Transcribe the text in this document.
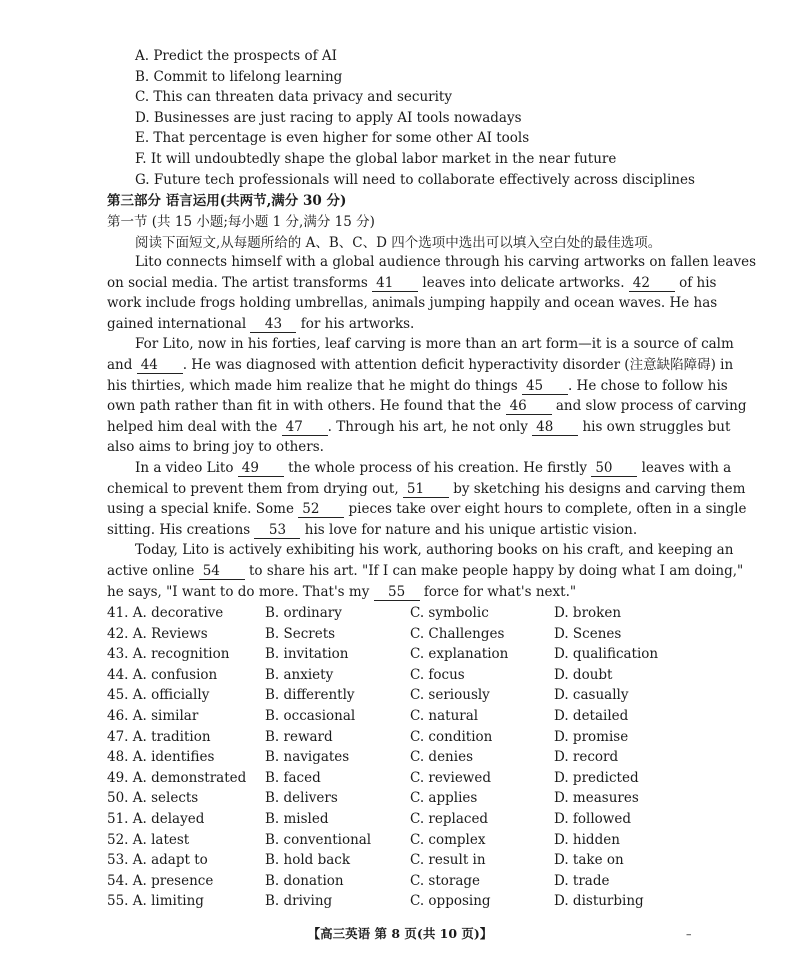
A. Predict the prospects of AI
B. Commit to lifelong learning
C. This can threaten data privacy and security
D. Businesses are just racing to apply AI tools nowadays
E. That percentage is even higher for some other AI tools
F. It will undoubtedly shape the global labor market in the near future
G. Future tech professionals will need to collaborate effectively across disciplines
第三部分 语言运用(共两节,满分 30 分)
第一节 (共 15 小题;每小题 1 分,满分 15 分)
阅读下面短文,从每题所给的 A、B、C、D 四个选项中选出可以填入空白处的最佳选项。
Lito connects himself with a global audience through his carving artworks on fallen leaves
on social media. The artist transforms 41 leaves into delicate artworks. 42 of his
work include frogs holding umbrellas, animals jumping happily and ocean waves. He has
gained international 43 for his artworks.
For Lito, now in his forties, leaf carving is more than an art form—it is a source of calm
and 44 . He was diagnosed with attention deficit hyperactivity disorder (注意缺陷障碍) in
his thirties, which made him realize that he might do things 45 . He chose to follow his
own path rather than fit in with others. He found that the 46 and slow process of carving
helped him deal with the 47 . Through his art, he not only 48 his own struggles but
also aims to bring joy to others.
In a video Lito 49 the whole process of his creation. He firstly 50 leaves with a
chemical to prevent them from drying out, 51 by sketching his designs and carving them
using a special knife. Some 52 pieces take over eight hours to complete, often in a single
sitting. His creations 53 his love for nature and his unique artistic vision.
Today, Lito is actively exhibiting his work, authoring books on his craft, and keeping an
active online 54 to share his art. "If I can make people happy by doing what I am doing,"
he says, "I want to do more. That's my 55 force for what's next."
41. A. decorative	B. ordinary	C. symbolic	D. broken
42. A. Reviews	B. Secrets	C. Challenges	D. Scenes
43. A. recognition	B. invitation	C. explanation	D. qualification
44. A. confusion	B. anxiety	C. focus	D. doubt
45. A. officially	B. differently	C. seriously	D. casually
46. A. similar	B. occasional	C. natural	D. detailed
47. A. tradition	B. reward	C. condition	D. promise
48. A. identifies	B. navigates	C. denies	D. record
49. A. demonstrated B. faced	C. reviewed	D. predicted
50. A. selects	B. delivers	C. applies	D. measures
51. A. delayed	B. misled	C. replaced	D. followed
52. A. latest	B. conventional	C. complex	D. hidden
53. A. adapt to	B. hold back	C. result in	D. take on
54. A. presence	B. donation	C. storage	D. trade
55. A. limiting	B. driving	C. opposing	D. disturbing
【高三英语 第 8 页(共 10 页)】	–
